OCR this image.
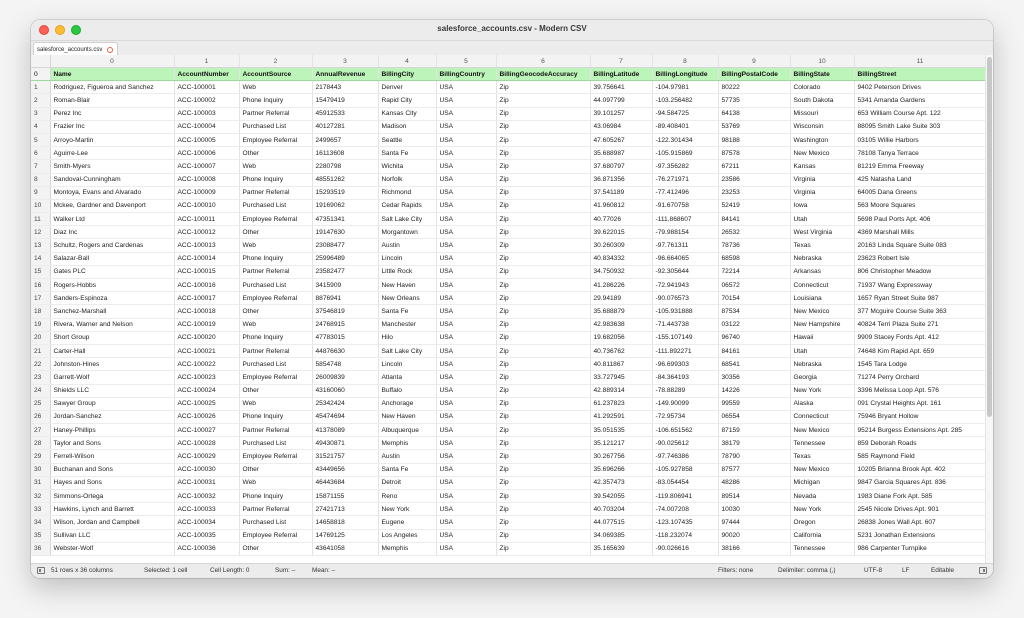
salesforce_accounts.csv - Modern CSV
salesforce_accounts.csv
	0	1	2	3	4	5	6	7	8	9	10	11
0	Name	AccountNumber	AccountSource	AnnualRevenue	BillingCity	BillingCountry	BillingGeocodeAccuracy	BillingLatitude	BillingLongitude	BillingPostalCode	BillingState	BillingStreet
1	Rodriguez, Figueroa and Sanchez	ACC-100001	Web	2178443	Denver	USA	Zip	39.756641	-104.97981	80222	Colorado	9402 Peterson Drives
2	Roman-Blair	ACC-100002	Phone Inquiry	15479419	Rapid City	USA	Zip	44.097799	-103.256482	57735	South Dakota	5341 Amanda Gardens
3	Perez Inc	ACC-100003	Partner Referral	45912533	Kansas City	USA	Zip	39.101257	-94.584725	64138	Missouri	653 William Course Apt. 122
4	Frazier Inc	ACC-100004	Purchased List	40127281	Madison	USA	Zip	43.06984	-89.408401	53769	Wisconsin	88095 Smith Lake Suite 303
5	Arroyo-Martin	ACC-100005	Employee Referral	2499657	Seattle	USA	Zip	47.605267	-122.301434	98188	Washington	03105 Willie Harbors
6	Aguirre-Lee	ACC-100006	Other	16113608	Santa Fe	USA	Zip	35.688987	-105.915869	87578	New Mexico	78108 Tanya Terrace
7	Smith-Myers	ACC-100007	Web	2280798	Wichita	USA	Zip	37.680797	-97.356282	67211	Kansas	81219 Emma Freeway
8	Sandoval-Cunningham	ACC-100008	Phone Inquiry	48551262	Norfolk	USA	Zip	36.871356	-76.271971	23586	Virginia	425 Natasha Land
9	Montoya, Evans and Alvarado	ACC-100009	Partner Referral	15293519	Richmond	USA	Zip	37.541189	-77.412496	23253	Virginia	64005 Dana Greens
10	Mckee, Gardner and Davenport	ACC-100010	Purchased List	19169062	Cedar Rapids	USA	Zip	41.960812	-91.670758	52419	Iowa	563 Moore Squares
11	Walker Ltd	ACC-100011	Employee Referral	47351341	Salt Lake City	USA	Zip	40.77026	-111.868607	84141	Utah	5698 Paul Ports Apt. 406
12	Diaz Inc	ACC-100012	Other	19147630	Morgantown	USA	Zip	39.622015	-79.988154	26532	West Virginia	4369 Marshall Mills
13	Schultz, Rogers and Cardenas	ACC-100013	Web	23088477	Austin	USA	Zip	30.260309	-97.761311	78736	Texas	20163 Linda Square Suite 083
14	Salazar-Ball	ACC-100014	Phone Inquiry	25996489	Lincoln	USA	Zip	40.834332	-96.664065	68598	Nebraska	23623 Robert Isle
15	Gates PLC	ACC-100015	Partner Referral	23582477	Little Rock	USA	Zip	34.750932	-92.305644	72214	Arkansas	806 Christopher Meadow
16	Rogers-Hobbs	ACC-100016	Purchased List	3415909	New Haven	USA	Zip	41.286226	-72.941943	06572	Connecticut	71937 Wang Expressway
17	Sanders-Espinoza	ACC-100017	Employee Referral	8876941	New Orleans	USA	Zip	29.94189	-90.076573	70154	Louisiana	1657 Ryan Street Suite 987
18	Sanchez-Marshall	ACC-100018	Other	37546819	Santa Fe	USA	Zip	35.688879	-105.931888	87534	New Mexico	377 Mcguire Course Suite 363
19	Rivera, Warner and Nelson	ACC-100019	Web	24768915	Manchester	USA	Zip	42.983638	-71.443738	03122	New Hampshire	40824 Terri Plaza Suite 271
20	Short Group	ACC-100020	Phone Inquiry	47783015	Hilo	USA	Zip	19.682056	-155.107149	96740	Hawaii	9909 Stacey Fords Apt. 412
21	Carter-Hall	ACC-100021	Partner Referral	44876630	Salt Lake City	USA	Zip	40.736762	-111.892271	84161	Utah	74648 Kim Rapid Apt. 659
22	Johnston-Hines	ACC-100022	Purchased List	5854748	Lincoln	USA	Zip	40.811867	-96.699303	68541	Nebraska	1545 Tara Lodge
23	Garrett-Wolf	ACC-100023	Employee Referral	26009839	Atlanta	USA	Zip	33.727945	-84.364193	30356	Georgia	71274 Perry Orchard
24	Shields LLC	ACC-100024	Other	43160060	Buffalo	USA	Zip	42.889314	-78.88289	14226	New York	3396 Melissa Loop Apt. 576
25	Sawyer Group	ACC-100025	Web	25342424	Anchorage	USA	Zip	61.237823	-149.90099	99559	Alaska	091 Crystal Heights Apt. 161
26	Jordan-Sanchez	ACC-100026	Phone Inquiry	45474694	New Haven	USA	Zip	41.292591	-72.95734	06554	Connecticut	75946 Bryant Hollow
27	Haney-Phillips	ACC-100027	Partner Referral	41378089	Albuquerque	USA	Zip	35.051535	-106.651562	87159	New Mexico	95214 Burgess Extensions Apt. 285
28	Taylor and Sons	ACC-100028	Purchased List	49430871	Memphis	USA	Zip	35.121217	-90.025612	38179	Tennessee	859 Deborah Roads
29	Ferrell-Wilson	ACC-100029	Employee Referral	31521757	Austin	USA	Zip	30.267756	-97.746386	78790	Texas	585 Raymond Field
30	Buchanan and Sons	ACC-100030	Other	43449656	Santa Fe	USA	Zip	35.696266	-105.927858	87577	New Mexico	10205 Brianna Brook Apt. 402
31	Hayes and Sons	ACC-100031	Web	46443684	Detroit	USA	Zip	42.357473	-83.054454	48286	Michigan	9847 Garcia Squares Apt. 836
32	Simmons-Ortega	ACC-100032	Phone Inquiry	15871155	Reno	USA	Zip	39.542055	-119.806941	89514	Nevada	1983 Diane Fork Apt. 585
33	Hawkins, Lynch and Barrett	ACC-100033	Partner Referral	27421713	New York	USA	Zip	40.703204	-74.007208	10030	New York	2545 Nicole Drives Apt. 901
34	Wilson, Jordan and Campbell	ACC-100034	Purchased List	14658818	Eugene	USA	Zip	44.077515	-123.107435	97444	Oregon	26838 Jones Wall Apt. 607
35	Sullivan LLC	ACC-100035	Employee Referral	14769125	Los Angeles	USA	Zip	34.069385	-118.232074	90020	California	5231 Jonathan Extensions
36	Webster-Wolf	ACC-100036	Other	43641058	Memphis	USA	Zip	35.165639	-90.026616	38166	Tennessee	986 Carpenter Turnpike
51 rows x 36 columns	Selected: 1 cell	Cell Length: 0	Sum: –	Mean: –	Filters: none	Delimiter: comma (,)	UTF-8	LF	Editable
